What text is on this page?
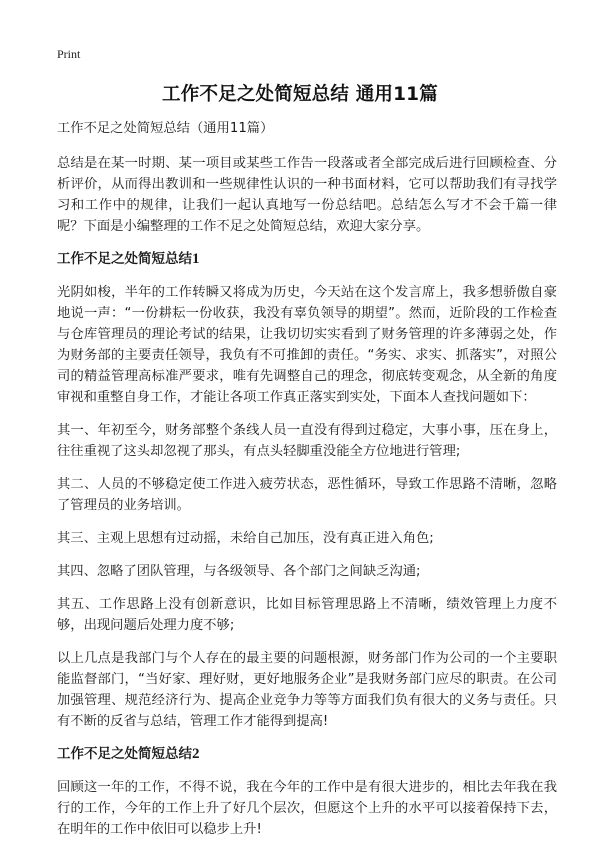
Print
工作不足之处简短总结 通用11篇

工作不足之处简短总结（通用11篇）

总结是在某一时期、某一项目或某些工作告一段落或者全部完成后进行回顾检查、分析评价，从而得出教训和一些规律性认识的一种书面材料，它可以帮助我们有寻找学习和工作中的规律，让我们一起认真地写一份总结吧。总结怎么写才不会千篇一律呢？下面是小编整理的工作不足之处简短总结，欢迎大家分享。

工作不足之处简短总结1

光阴如梭，半年的工作转瞬又将成为历史，今天站在这个发言席上，我多想骄傲自豪地说一声：“一份耕耘一份收获，我没有辜负领导的期望”。然而，近阶段的工作检查与仓库管理员的理论考试的结果，让我切切实实看到了财务管理的许多薄弱之处，作为财务部的主要责任领导，我负有不可推卸的责任。“务实、求实、抓落实”，对照公司的精益管理高标准严要求，唯有先调整自己的理念，彻底转变观念，从全新的角度审视和重整自身工作，才能让各项工作真正落实到实处，下面本人查找问题如下：

其一、年初至今，财务部整个条线人员一直没有得到过稳定，大事小事，压在身上，往往重视了这头却忽视了那头，有点头轻脚重没能全方位地进行管理;

其二、人员的不够稳定使工作进入疲劳状态，恶性循环，导致工作思路不清晰，忽略了管理员的业务培训。

其三、主观上思想有过动摇，未给自己加压，没有真正进入角色;

其四、忽略了团队管理，与各级领导、各个部门之间缺乏沟通;

其五、工作思路上没有创新意识，比如目标管理思路上不清晰，绩效管理上力度不够，出现问题后处理力度不够;

以上几点是我部门与个人存在的最主要的问题根源，财务部门作为公司的一个主要职能监督部门，“当好家、理好财，更好地服务企业”是我财务部门应尽的职责。在公司加强管理、规范经济行为、提高企业竞争力等等方面我们负有很大的义务与责任。只有不断的反省与总结，管理工作才能得到提高!

工作不足之处简短总结2

回顾这一年的工作，不得不说，我在今年的工作中是有很大进步的，相比去年我在我行的工作，今年的工作上升了好几个层次，但愿这个上升的水平可以接着保持下去，在明年的工作中依旧可以稳步上升!
